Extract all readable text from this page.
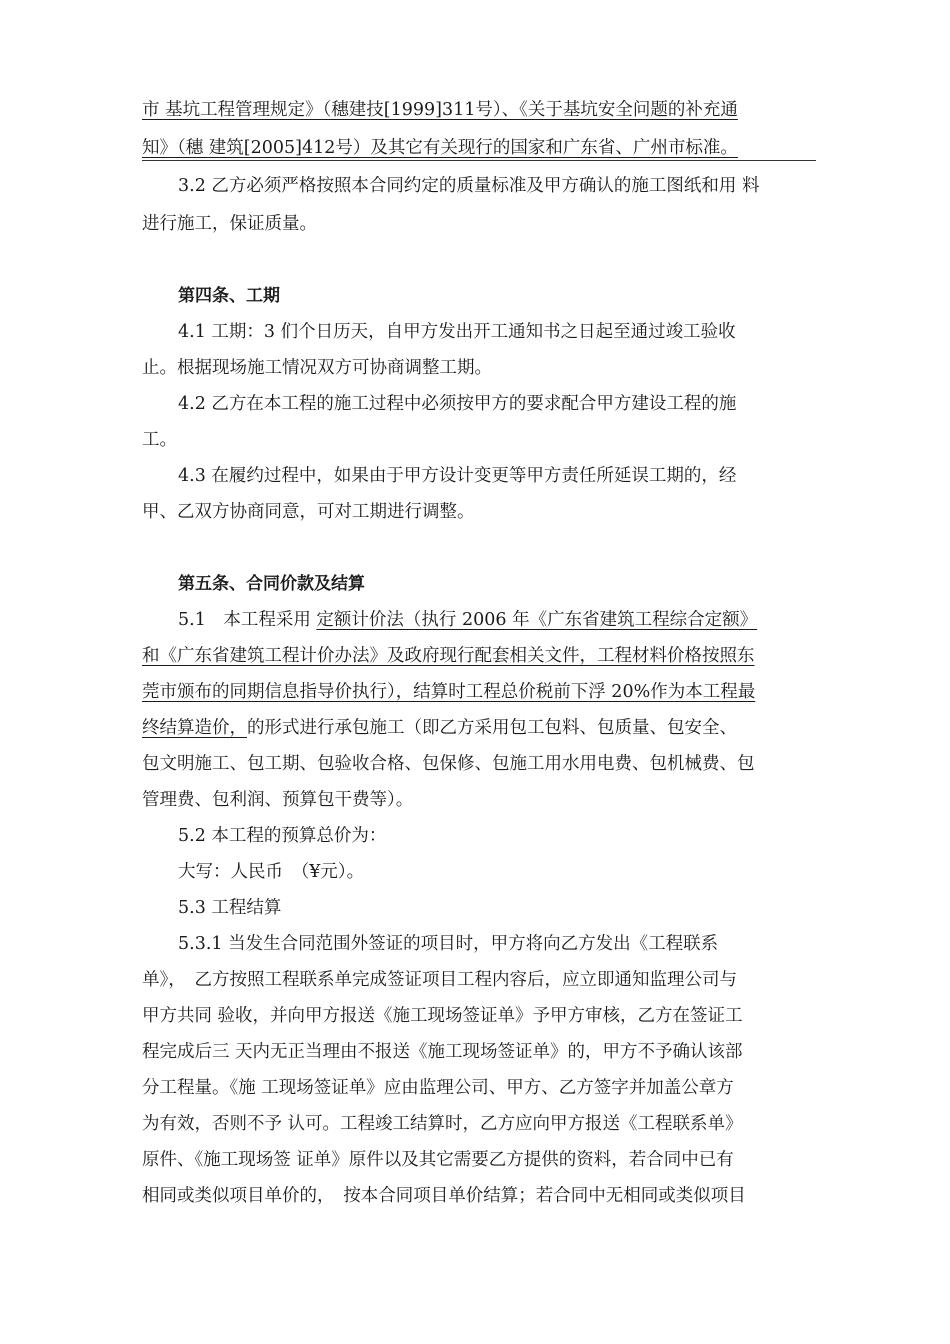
市 基坑工程管理规定》（穗建技[1999]311号）、《关于基坑安全问题的补充通
知》（穗 建筑[2005]412号）及其它有关现行的国家和广东省、广州市标准。
3.2 乙方必须严格按照本合同约定的质量标准及甲方确认的施工图纸和用 料
进行施工，保证质量。
第四条、工期
4.1 工期：3 们个日历天，自甲方发出开工通知书之日起至通过竣工验收
止。根据现场施工情况双方可协商调整工期。
4.2 乙方在本工程的施工过程中必须按甲方的要求配合甲方建设工程的施
工。
4.3 在履约过程中，如果由于甲方设计变更等甲方责任所延误工期的，经
甲、乙双方协商同意，可对工期进行调整。
第五条、合同价款及结算
5.1　本工程采用 定额计价法（执行 2006 年《广东省建筑工程综合定额》
和《广东省建筑工程计价办法》及政府现行配套相关文件，工程材料价格按照东
莞市颁布的同期信息指导价执行），结算时工程总价税前下浮 20%作为本工程最
终结算造价，的形式进行承包施工（即乙方采用包工包料、包质量、包安全、
包文明施工、包工期、包验收合格、包保修、包施工用水用电费、包机械费、包
管理费、包利润、预算包干费等）。
5.2 本工程的预算总价为：
大写：人民币　（¥元）。
5.3 工程结算
5.3.1 当发生合同范围外签证的项目时，甲方将向乙方发出《工程联系
单》，　乙方按照工程联系单完成签证项目工程内容后，应立即通知监理公司与
甲方共同 验收，并向甲方报送《施工现场签证单》予甲方审核，乙方在签证工
程完成后三 天内无正当理由不报送《施工现场签证单》的，甲方不予确认该部
分工程量。《施 工现场签证单》应由监理公司、甲方、乙方签字并加盖公章方
为有效，否则不予 认可。工程竣工结算时，乙方应向甲方报送《工程联系单》
原件、《施工现场签 证单》原件以及其它需要乙方提供的资料，若合同中已有
相同或类似项目单价的，　按本合同项目单价结算；若合同中无相同或类似项目
